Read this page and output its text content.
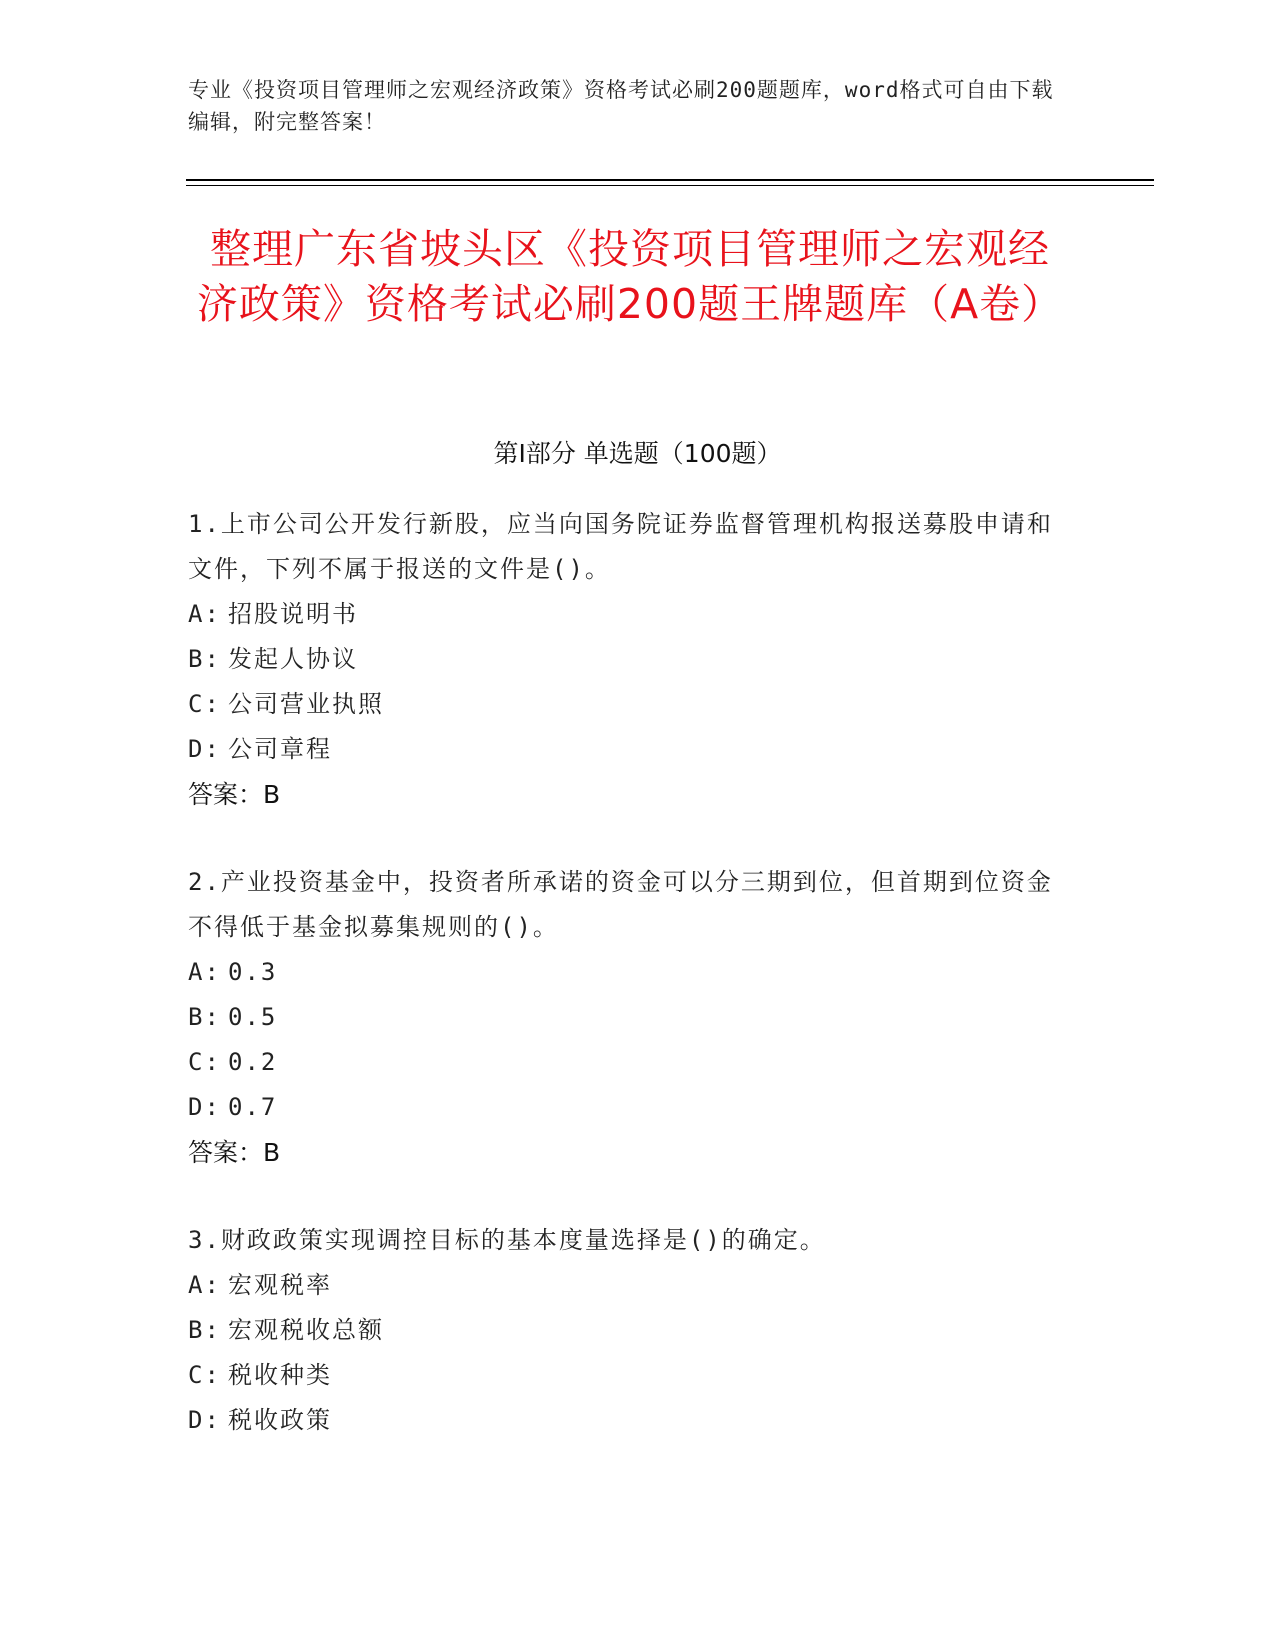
专业《投资项目管理师之宏观经济政策》资格考试必刷200题题库，word格式可自由下载编辑，附完整答案！
整理广东省坡头区《投资项目管理师之宏观经济政策》资格考试必刷200题王牌题库（A卷）
第Ⅰ部分 单选题（100题）

1.上市公司公开发行新股，应当向国务院证券监督管理机构报送募股申请和文件，下列不属于报送的文件是()。

A: 招股说明书

B: 发起人协议

C: 公司营业执照

D: 公司章程

答案：B

2.产业投资基金中，投资者所承诺的资金可以分三期到位，但首期到位资金不得低于基金拟募集规则的()。

A: 0.3

B: 0.5

C: 0.2

D: 0.7

答案：B

3.财政政策实现调控目标的基本度量选择是()的确定。

A: 宏观税率

B: 宏观税收总额

C: 税收种类

D: 税收政策
